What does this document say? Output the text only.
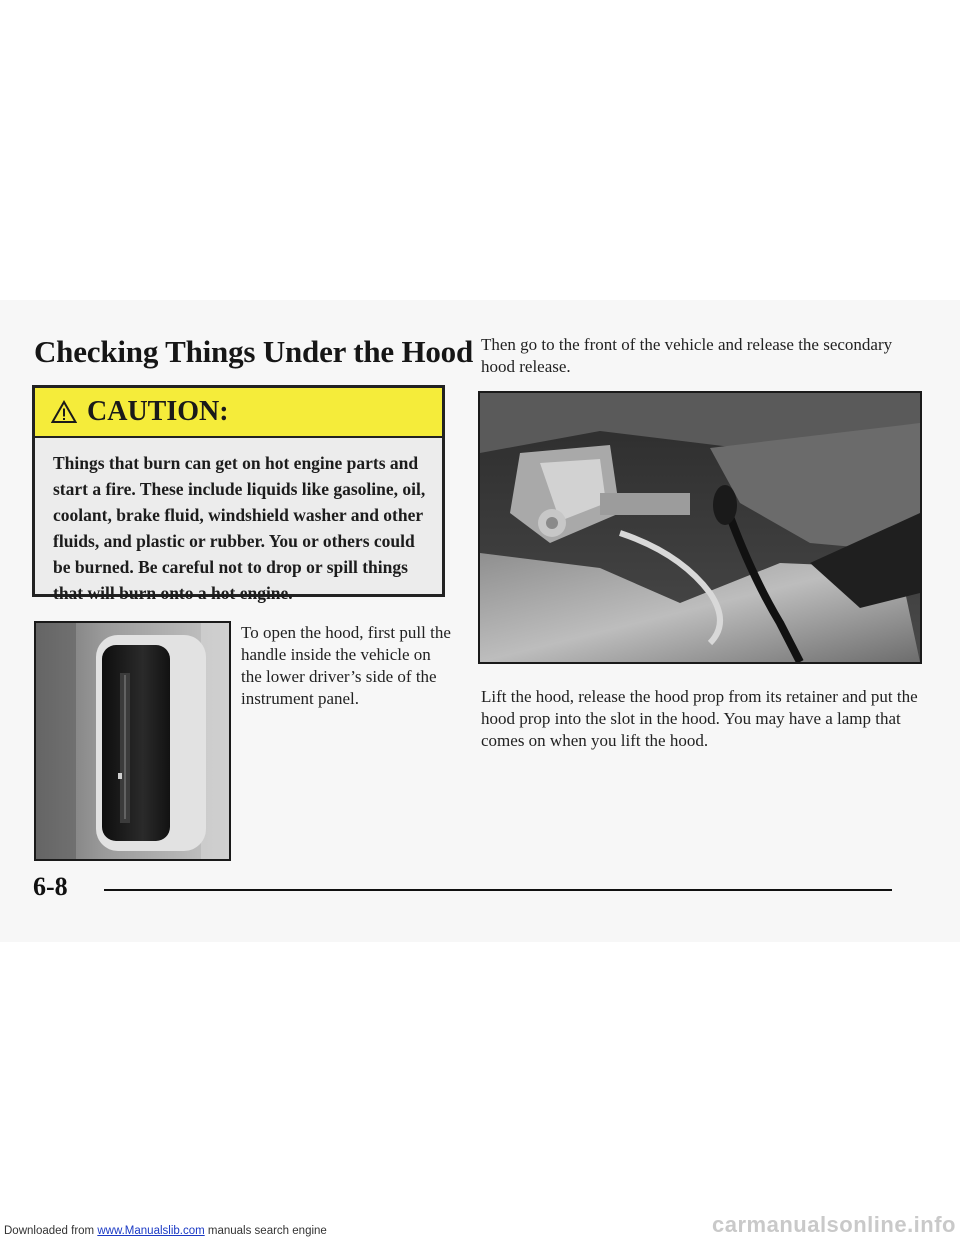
Checking Things Under the Hood
CAUTION:
Things that burn can get on hot engine parts and start a fire. These include liquids like gasoline, oil, coolant, brake fluid, windshield washer and other fluids, and plastic or rubber. You or others could be burned. Be careful not to drop or spill things that will burn onto a hot engine.

To open the hood, first pull the handle inside the vehicle on the lower driver’s side of the instrument panel.

Then go to the front of the vehicle and release the secondary hood release.

Lift the hood, release the hood prop from its retainer and put the hood prop into the slot in the hood. You may have a lamp that comes on when you lift the hood.

6-8
Downloaded from www.Manualslib.com manuals search engine	carmanualsonline.info
